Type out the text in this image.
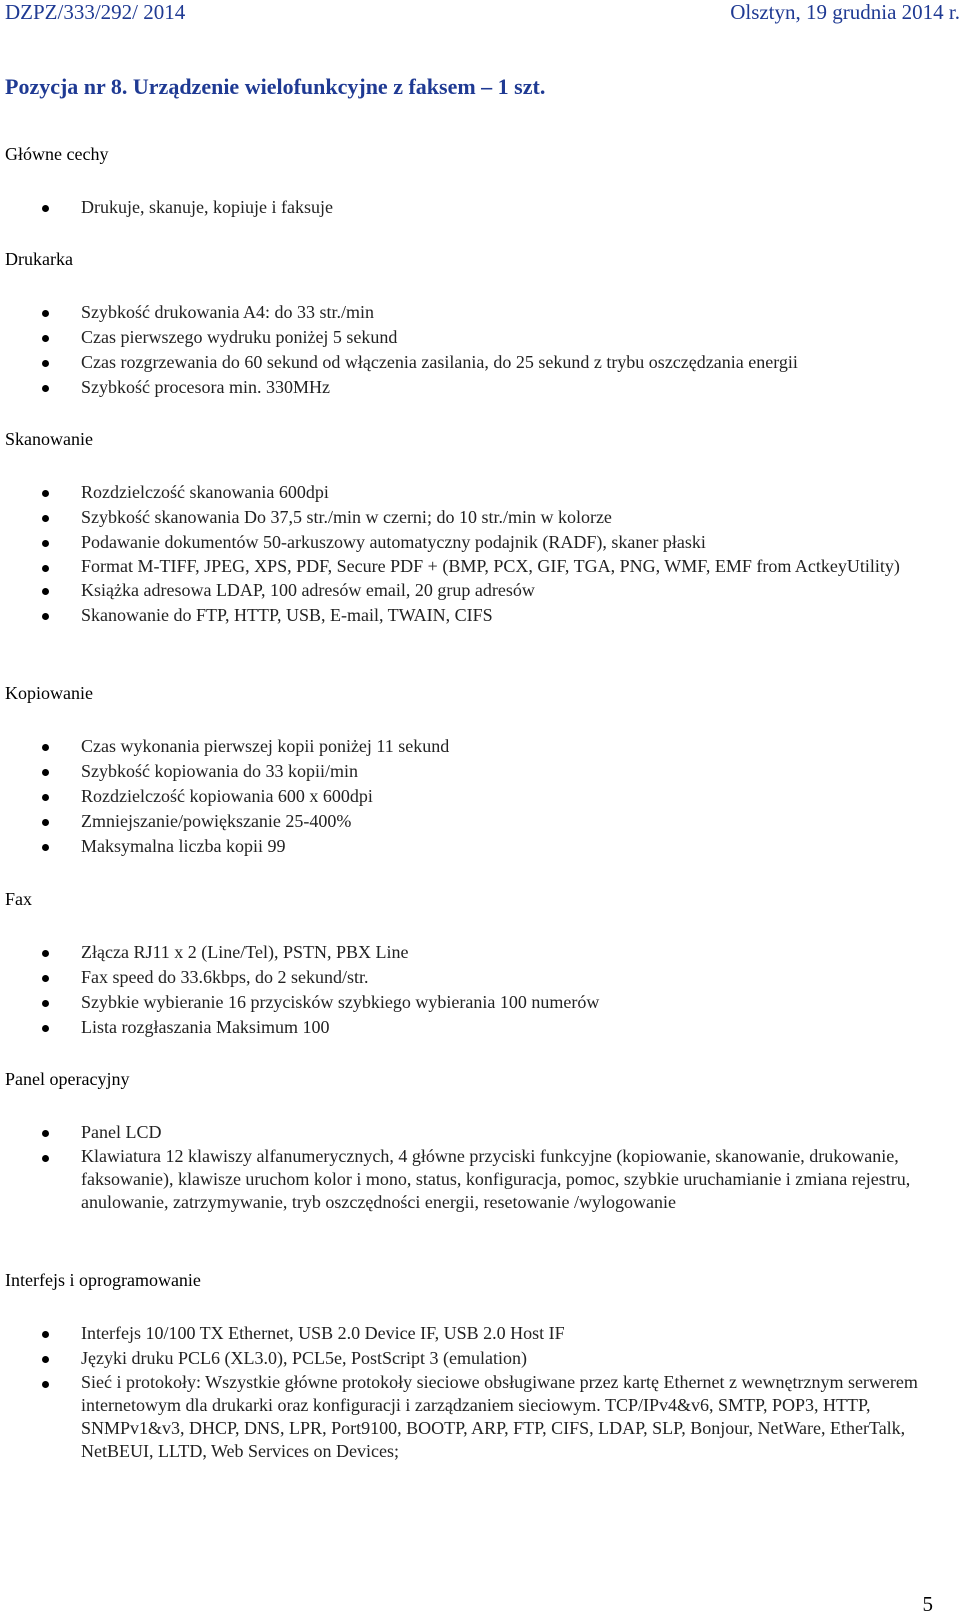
DZPZ/333/292/ 2014	Olsztyn, 19 grudnia 2014 r.
Pozycja nr 8. Urządzenie wielofunkcyjne z faksem – 1 szt.
Główne cechy
Drukuje, skanuje, kopiuje i faksuje
Drukarka
Szybkość drukowania A4: do 33 str./min
Czas pierwszego wydruku poniżej 5 sekund
Czas rozgrzewania do 60 sekund od włączenia zasilania, do 25 sekund z trybu oszczędzania energii
Szybkość procesora min. 330MHz
Skanowanie
Rozdzielczość skanowania 600dpi
Szybkość skanowania Do 37,5 str./min w czerni; do 10 str./min w kolorze
Podawanie dokumentów 50-arkuszowy automatyczny podajnik (RADF), skaner płaski
Format M-TIFF, JPEG, XPS, PDF, Secure PDF + (BMP, PCX, GIF, TGA, PNG, WMF, EMF from ActkeyUtility)
Książka adresowa LDAP, 100 adresów email, 20 grup adresów
Skanowanie do FTP, HTTP, USB, E-mail, TWAIN, CIFS
Kopiowanie
Czas wykonania pierwszej kopii poniżej 11 sekund
Szybkość kopiowania do 33 kopii/min
Rozdzielczość kopiowania 600 x 600dpi
Zmniejszanie/powiększanie 25-400%
Maksymalna liczba kopii 99
Fax
Złącza RJ11 x 2 (Line/Tel), PSTN, PBX Line
Fax speed do 33.6kbps, do 2 sekund/str.
Szybkie wybieranie 16 przycisków szybkiego wybierania 100 numerów
Lista rozgłaszania Maksimum 100
Panel operacyjny
Panel LCD
Klawiatura 12 klawiszy alfanumerycznych, 4 główne przyciski funkcyjne (kopiowanie, skanowanie, drukowanie, faksowanie), klawisze uruchom kolor i mono, status, konfiguracja, pomoc, szybkie uruchamianie i zmiana rejestru, anulowanie, zatrzymywanie, tryb oszczędności energii, resetowanie /wylogowanie
Interfejs i oprogramowanie
Interfejs 10/100 TX Ethernet, USB 2.0 Device IF, USB 2.0 Host IF
Języki druku PCL6 (XL3.0), PCL5e, PostScript 3 (emulation)
Sieć i protokoły: Wszystkie główne protokoły sieciowe obsługiwane przez kartę Ethernet z wewnętrznym serwerem internetowym dla drukarki oraz konfiguracji i zarządzaniem sieciowym. TCP/IPv4&v6, SMTP, POP3, HTTP, SNMPv1&v3, DHCP, DNS, LPR, Port9100, BOOTP, ARP, FTP, CIFS, LDAP, SLP, Bonjour, NetWare, EtherTalk, NetBEUI, LLTD, Web Services on Devices;
5
